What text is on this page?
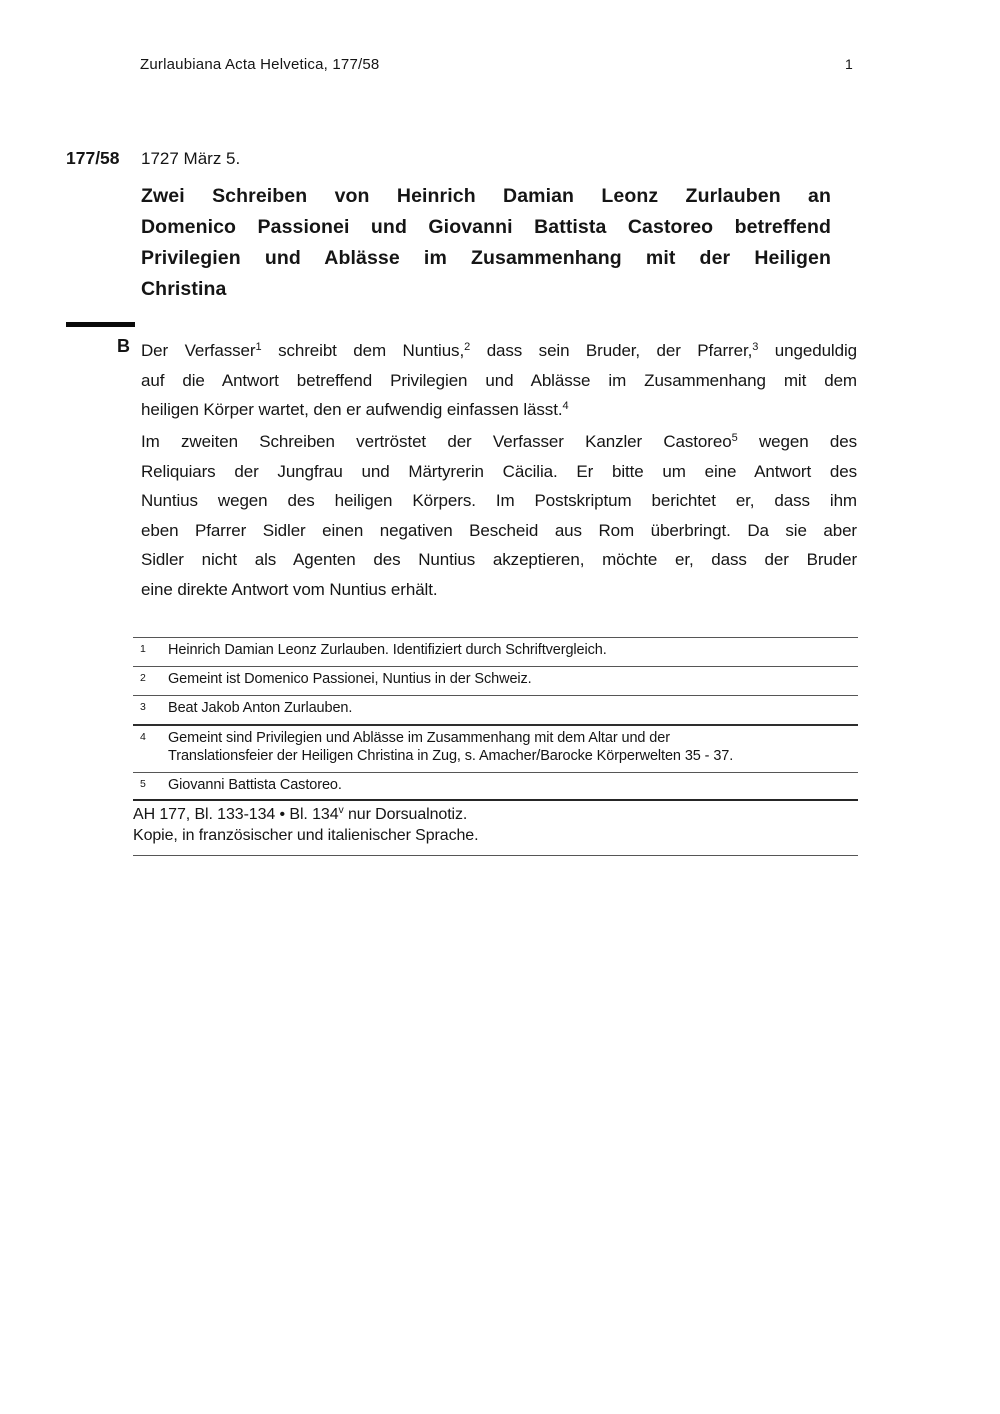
Zurlaubiana Acta Helvetica, 177/58	1
177/58 1727 März 5.
Zwei Schreiben von Heinrich Damian Leonz Zurlauben an
Domenico Passionei und Giovanni Battista Castoreo betreffend
Privilegien und Ablässe im Zusammenhang mit der Heiligen
Christina
B Der Verfasser$^1$ schreibt dem Nuntius,$^2$ dass sein Bruder, der Pfarrer,$^3$ ungeduldig
auf die Antwort betreffend Privilegien und Ablässe im Zusammenhang mit dem
heiligen Körper wartet, den er aufwendig einfassen lässt.$^4$
Im zweiten Schreiben vertröstet der Verfasser Kanzler Castoreo$^5$ wegen des
Reliquiars der Jungfrau und Märtyrerin Cäcilia. Er bitte um eine Antwort des
Nuntius wegen des heiligen Körpers. Im Postskriptum berichtet er, dass ihm
eben Pfarrer Sidler einen negativen Bescheid aus Rom überbringt. Da sie aber
Sidler nicht als Agenten des Nuntius akzeptieren, möchte er, dass der Bruder
eine direkte Antwort vom Nuntius erhält.
1 Heinrich Damian Leonz Zurlauben. Identifiziert durch Schriftvergleich.
2 Gemeint ist Domenico Passionei, Nuntius in der Schweiz.
3 Beat Jakob Anton Zurlauben.
4 Gemeint sind Privilegien und Ablässe im Zusammenhang mit dem Altar und der
Translationsfeier der Heiligen Christina in Zug, s. Amacher/Barocke Körperwelten 35 - 37.
5 Giovanni Battista Castoreo.
AH 177, Bl. 133-134 • Bl. 134$^v$ nur Dorsualnotiz.
Kopie, in französischer und italienischer Sprache.
